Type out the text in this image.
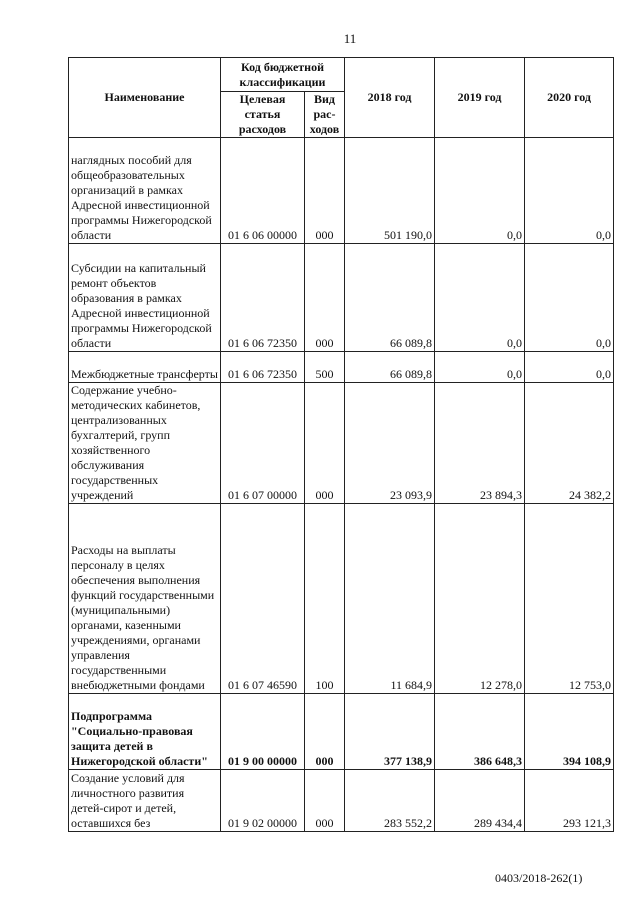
11
Наименование	Код бюджетной классификации		2018 год	2019 год	2020 год
	Целевая статья расходов	Вид рас-ходов			
наглядных пособий для общеобразовательных организаций в рамках Адресной инвестиционной программы Нижегородской области	01 6 06 00000	000	501 190,0	0,0	0,0
Субсидии на капитальный ремонт объектов образования в рамках Адресной инвестиционной программы Нижегородской области	01 6 06 72350	000	66 089,8	0,0	0,0
Межбюджетные трансферты	01 6 06 72350	500	66 089,8	0,0	0,0
Содержание учебно-методических кабинетов, централизованных бухгалтерий, групп хозяйственного обслуживания государственных учреждений	01 6 07 00000	000	23 093,9	23 894,3	24 382,2
Расходы на выплаты персоналу в целях обеспечения выполнения функций государственными (муниципальными) органами, казенными учреждениями, органами управления государственными внебюджетными фондами	01 6 07 46590	100	11 684,9	12 278,0	12 753,0
Подпрограмма "Социально-правовая защита детей в Нижегородской области"	01 9 00 00000	000	377 138,9	386 648,3	394 108,9
Создание условий для личностного развития детей-сирот и детей, оставшихся без	01 9 02 00000	000	283 552,2	289 434,4	293 121,3
0403/2018-262(1)
